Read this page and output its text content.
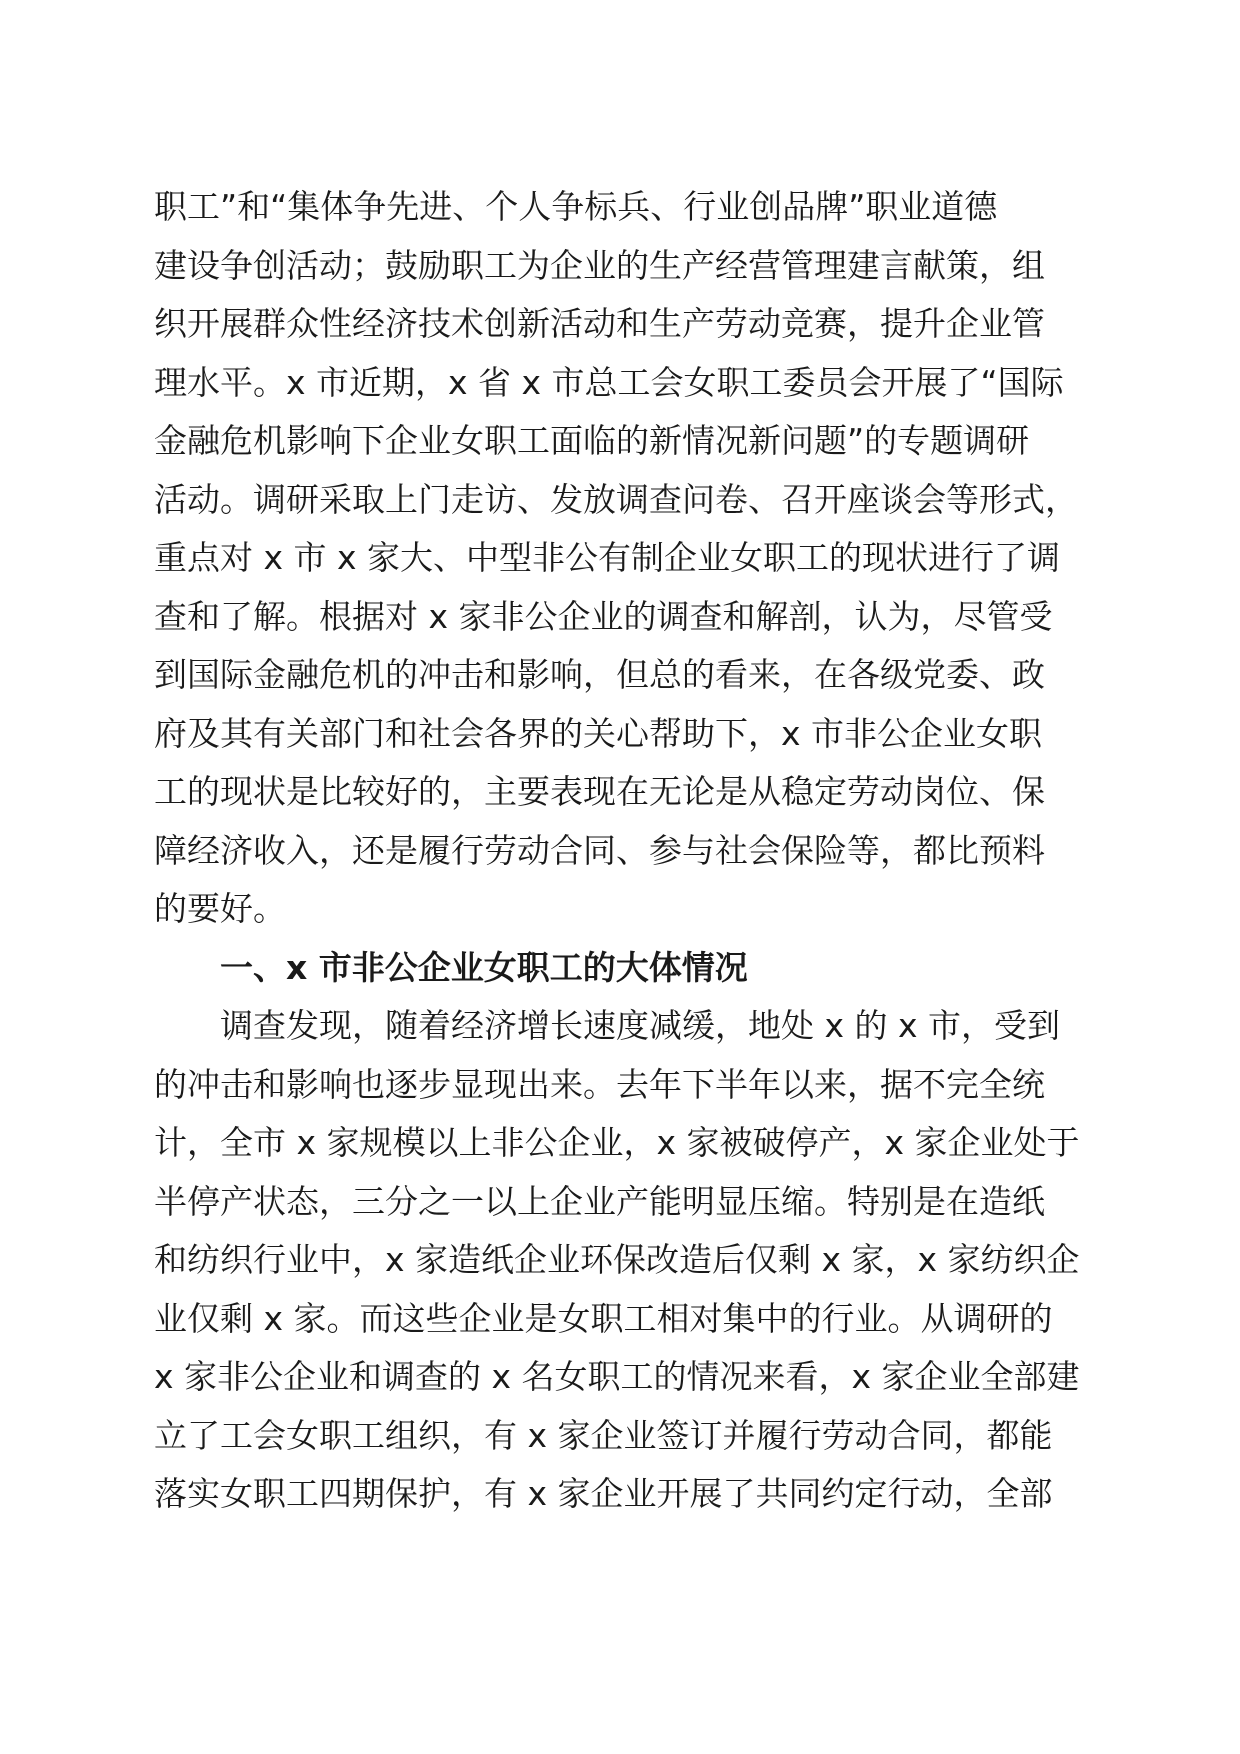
职工”和“集体争先进、个人争标兵、行业创品牌”职业道德
建设争创活动；鼓励职工为企业的生产经营管理建言献策，组
织开展群众性经济技术创新活动和生产劳动竞赛，提升企业管
理水平。x 市近期，x 省 x 市总工会女职工委员会开展了“国际
金融危机影响下企业女职工面临的新情况新问题”的专题调研
活动。调研采取上门走访、发放调查问卷、召开座谈会等形式，
重点对 x 市 x 家大、中型非公有制企业女职工的现状进行了调
查和了解。根据对 x 家非公企业的调查和解剖，认为，尽管受
到国际金融危机的冲击和影响，但总的看来，在各级党委、政
府及其有关部门和社会各界的关心帮助下，x 市非公企业女职
工的现状是比较好的，主要表现在无论是从稳定劳动岗位、保
障经济收入，还是履行劳动合同、参与社会保险等，都比预料
的要好。
一、x 市非公企业女职工的大体情况
调查发现，随着经济增长速度减缓，地处 x 的 x 市，受到
的冲击和影响也逐步显现出来。去年下半年以来，据不完全统
计，全市 x 家规模以上非公企业，x 家被破停产，x 家企业处于
半停产状态，三分之一以上企业产能明显压缩。特别是在造纸
和纺织行业中，x 家造纸企业环保改造后仅剩 x 家，x 家纺织企
业仅剩 x 家。而这些企业是女职工相对集中的行业。从调研的
x 家非公企业和调查的 x 名女职工的情况来看，x 家企业全部建
立了工会女职工组织，有 x 家企业签订并履行劳动合同，都能
落实女职工四期保护，有 x 家企业开展了共同约定行动，全部
